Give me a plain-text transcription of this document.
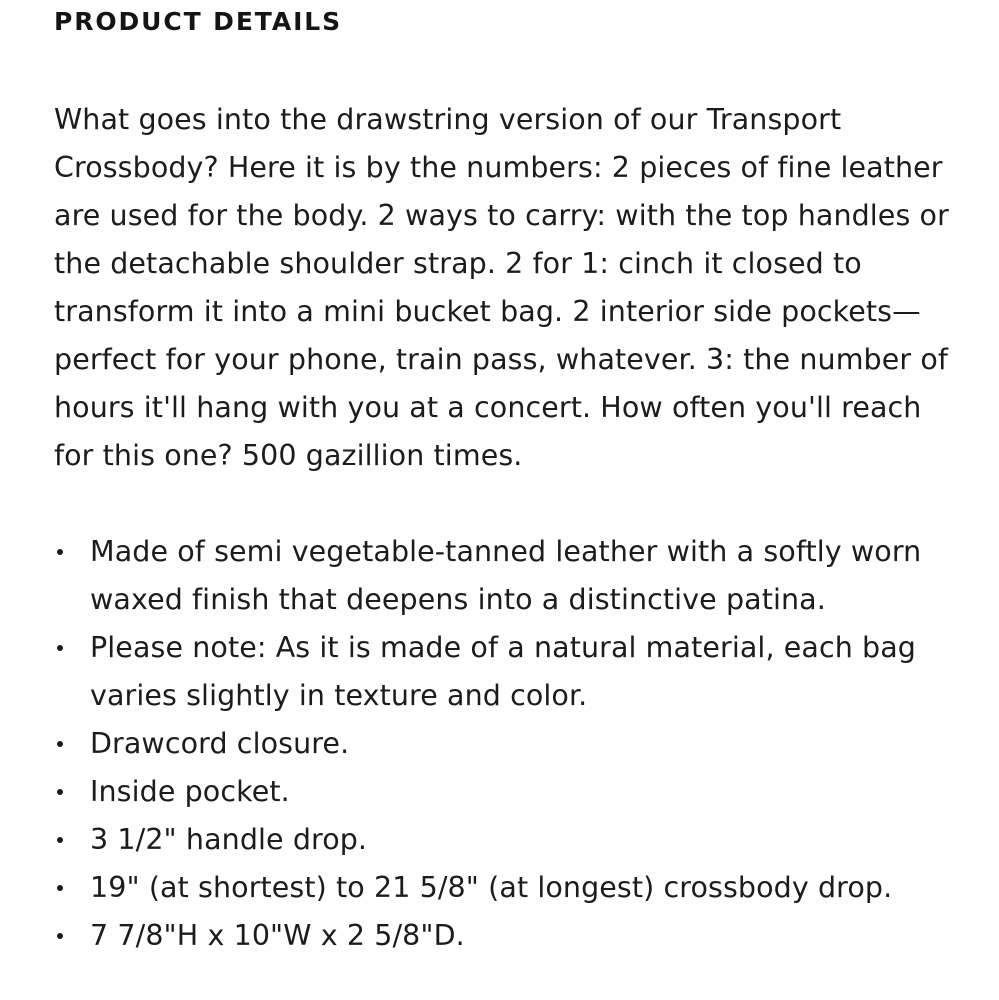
PRODUCT DETAILS

What goes into the drawstring version of our Transport Crossbody? Here it is by the numbers: 2 pieces of fine leather are used for the body. 2 ways to carry: with the top handles or the detachable shoulder strap. 2 for 1: cinch it closed to transform it into a mini bucket bag. 2 interior side pockets—perfect for your phone, train pass, whatever. 3: the number of hours it'll hang with you at a concert. How often you'll reach for this one? 500 gazillion times.

Made of semi vegetable-tanned leather with a softly worn waxed finish that deepens into a distinctive patina.
Please note: As it is made of a natural material, each bag varies slightly in texture and color.
Drawcord closure.
Inside pocket.
3 1/2" handle drop.
19" (at shortest) to 21 5/8" (at longest) crossbody drop.
7 7/8"H x 10"W x 2 5/8"D.
